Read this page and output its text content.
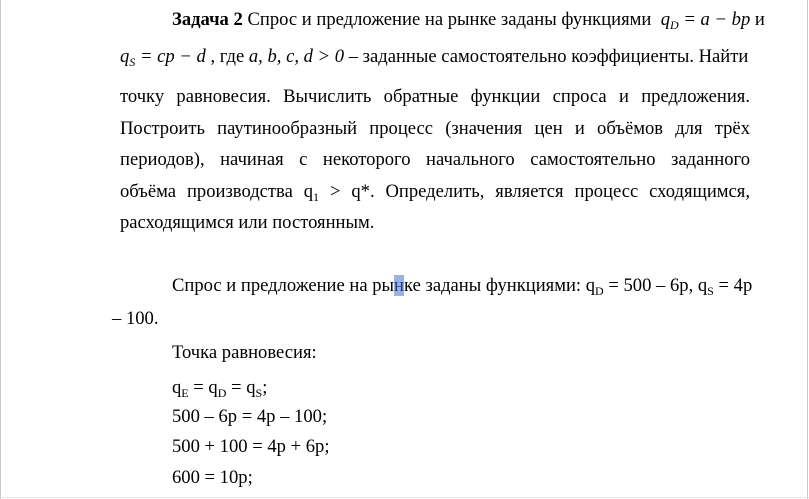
Задача 2 Спрос и предложение на рынке заданы функциями $q_D = a$ − bp и
$q_S$ = cp − d , где a, b, c, d > 0 – заданные самостоятельно коэффициенты. Найти
точку равновесия. Вычислить обратные функции спроса и предложения.
Построить паутинообразный процесс (значения цен и объёмов для трёх
периодов), начиная с некоторого начального самостоятельно заданного
объёма производства $q_1 > q*$. Определить, является процесс сходящимся,
расходящимся или постоянным.
Спрос и предложение на рынке заданы функциями: $q_D = 500 - 6p$, $q_S = 4p$
– 100.
Точка равновесия:
$q_E = q_D = q_S$;
500 – 6p = 4p – 100;
500 + 100 = 4p + 6p;
600 = 10p;
